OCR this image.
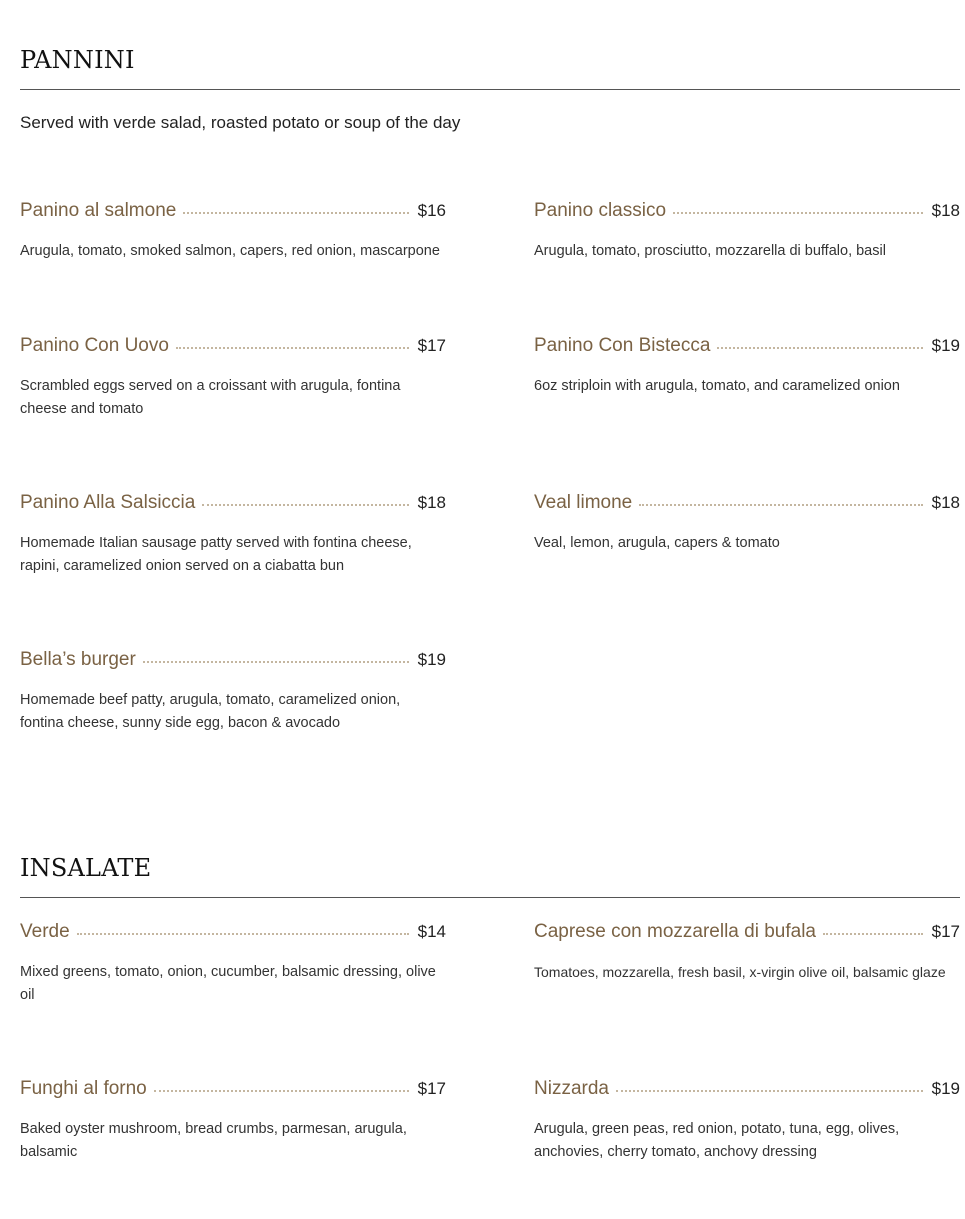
PANNINI

Served with verde salad, roasted potato or soup of the day

Panino al salmone	$16

Arugula, tomato, smoked salmon, capers, red onion, mascarpone

Panino classico	$18

Arugula, tomato, prosciutto, mozzarella di buffalo, basil

Panino Con Uovo	$17

Scrambled eggs served on a croissant with arugula, fontina cheese and tomato

Panino Con Bistecca	$19

6oz striploin with arugula, tomato, and caramelized onion

Panino Alla Salsiccia	$18

Homemade Italian sausage patty served with fontina cheese, rapini, caramelized onion served on a ciabatta bun

Veal limone	$18

Veal, lemon, arugula, capers & tomato

Bella’s burger	$19

Homemade beef patty, arugula, tomato, caramelized onion, fontina cheese, sunny side egg, bacon & avocado

INSALATE
Verde	$14

Mixed greens, tomato, onion, cucumber, balsamic dressing, olive oil

Caprese con mozzarella di bufala	$17

Tomatoes, mozzarella, fresh basil, x-virgin olive oil, balsamic glaze

Funghi al forno	$17

Baked oyster mushroom, bread crumbs, parmesan, arugula, balsamic

Nizzarda	$19

Arugula, green peas, red onion, potato, tuna, egg, olives, anchovies, cherry tomato, anchovy dressing
